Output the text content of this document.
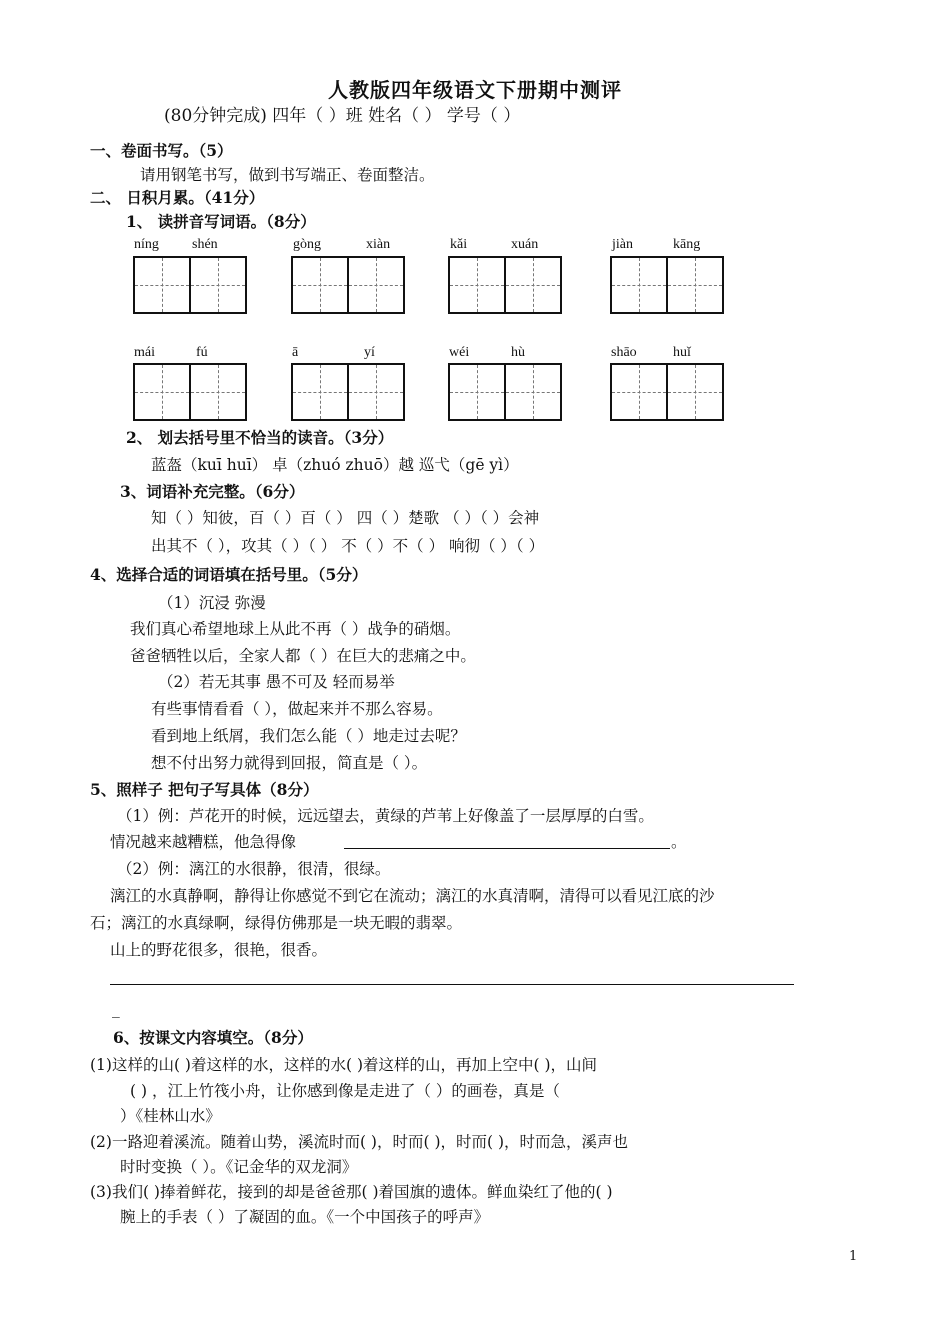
人教版四年级语文下册期中测评
(80分钟完成) 四年（ ）班 姓名（ ） 学号（ ）
一、卷面书写。（5）
请用钢笔书写，做到书写端正、卷面整洁。
二、 日积月累。（41分）
1、 读拼音写词语。（8分）
níng shén	gòng	xiàn	kǎi	xuán	jiàn	kāng
mái	fú	ā	yí	wéi	hù	shāo	huǐ
2、 划去括号里不恰当的读音。（3分）
蓝盔（kuī huī） 卓（zhuó zhuō）越 巡弋（gē yì）
3、词语补充完整。（6分）
知（ ）知彼，百（ ）百（ ） 四（ ）楚歌 （ ）（ ）会神
出其不（ ），攻其（ ）（ ） 不（ ）不（ ） 响彻（ ）（ ）
4、选择合适的词语填在括号里。（5分）
（1）沉浸 弥漫
我们真心希望地球上从此不再（ ）战争的硝烟。
爸爸牺牲以后，全家人都（ ）在巨大的悲痛之中。
（2）若无其事 愚不可及 轻而易举
有些事情看看（ ），做起来并不那么容易。
看到地上纸屑，我们怎么能（ ）地走过去呢？
想不付出努力就得到回报，简直是（ ）。
5、照样子 把句子写具体（8分）
（1）例：芦花开的时候，远远望去，黄绿的芦苇上好像盖了一层厚厚的白雪。
情况越来越糟糕，他急得像	。
（2）例：漓江的水很静，很清，很绿。
漓江的水真静啊，静得让你感觉不到它在流动；漓江的水真清啊，清得可以看见江底的沙
石；漓江的水真绿啊，绿得仿佛那是一块无暇的翡翠。
山上的野花很多，很艳，很香。
_
6、按课文内容填空。（8分）
(1)这样的山( )着这样的水，这样的水( )着这样的山，再加上空中( )，山间
( ) ，江上竹筏小舟，让你感到像是走进了（ ）的画卷，真是（
）《桂林山水》
(2)一路迎着溪流。随着山势，溪流时而( )，时而( )，时而( )，时而急，溪声也
时时变换（ ）。《记金华的双龙洞》
(3)我们( )捧着鲜花，接到的却是爸爸那( )着国旗的遗体。鲜血染红了他的( )
腕上的手表（ ）了凝固的血。《一个中国孩子的呼声》
1
